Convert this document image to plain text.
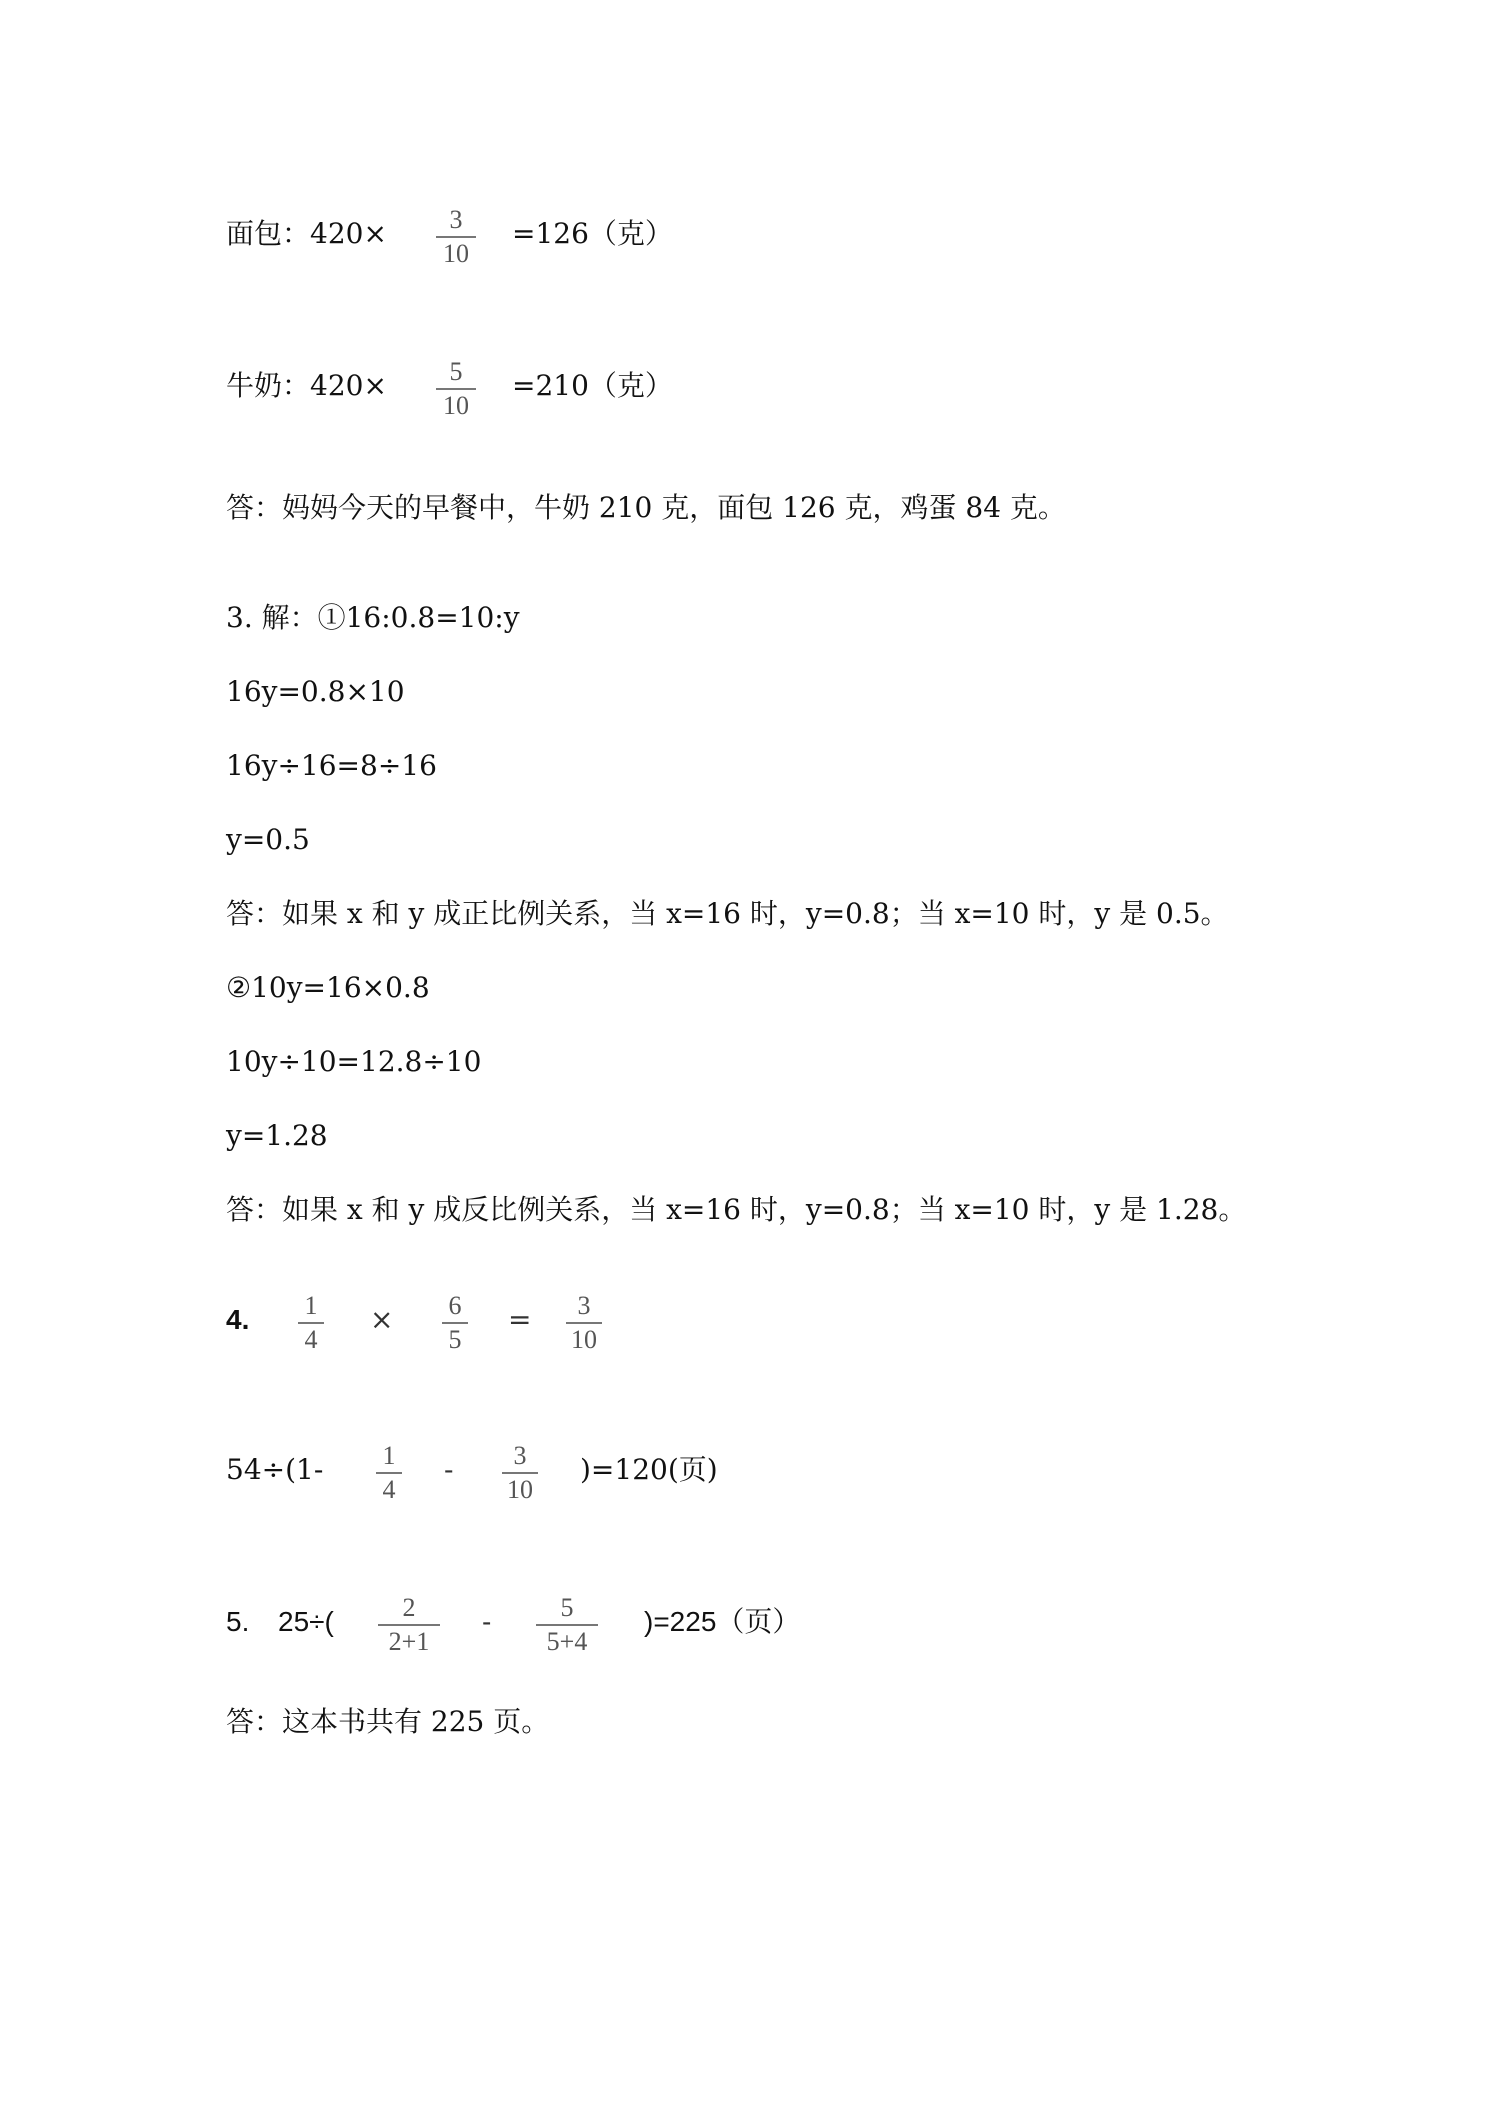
面包：420× 3
10
=126（克）
牛奶：420× 5
10
=210（克）
答：妈妈今天的早餐中，牛奶 210 克，面包 126 克，鸡蛋 84 克。
3. 解：①16:0.8=10:y
16y=0.8×10
16y÷16=8÷16
y=0.5
答：如果 x 和 y 成正比例关系，当 x=16 时，y=0.8；当 x=10 时，y 是 0.5。
②10y=16×0.8
10y÷10=12.8÷10
y=1.28
答：如果 x 和 y 成反比例关系，当 x=16 时，y=0.8；当 x=10 时，y 是 1.28。
4. 1
4
× 6
5
= 3
10
54÷(1- 1
4
- 3
10
)=120(页)
5. 25÷(	2
2+1
-	5
5+4
)=225（页）
答：这本书共有 225 页。
